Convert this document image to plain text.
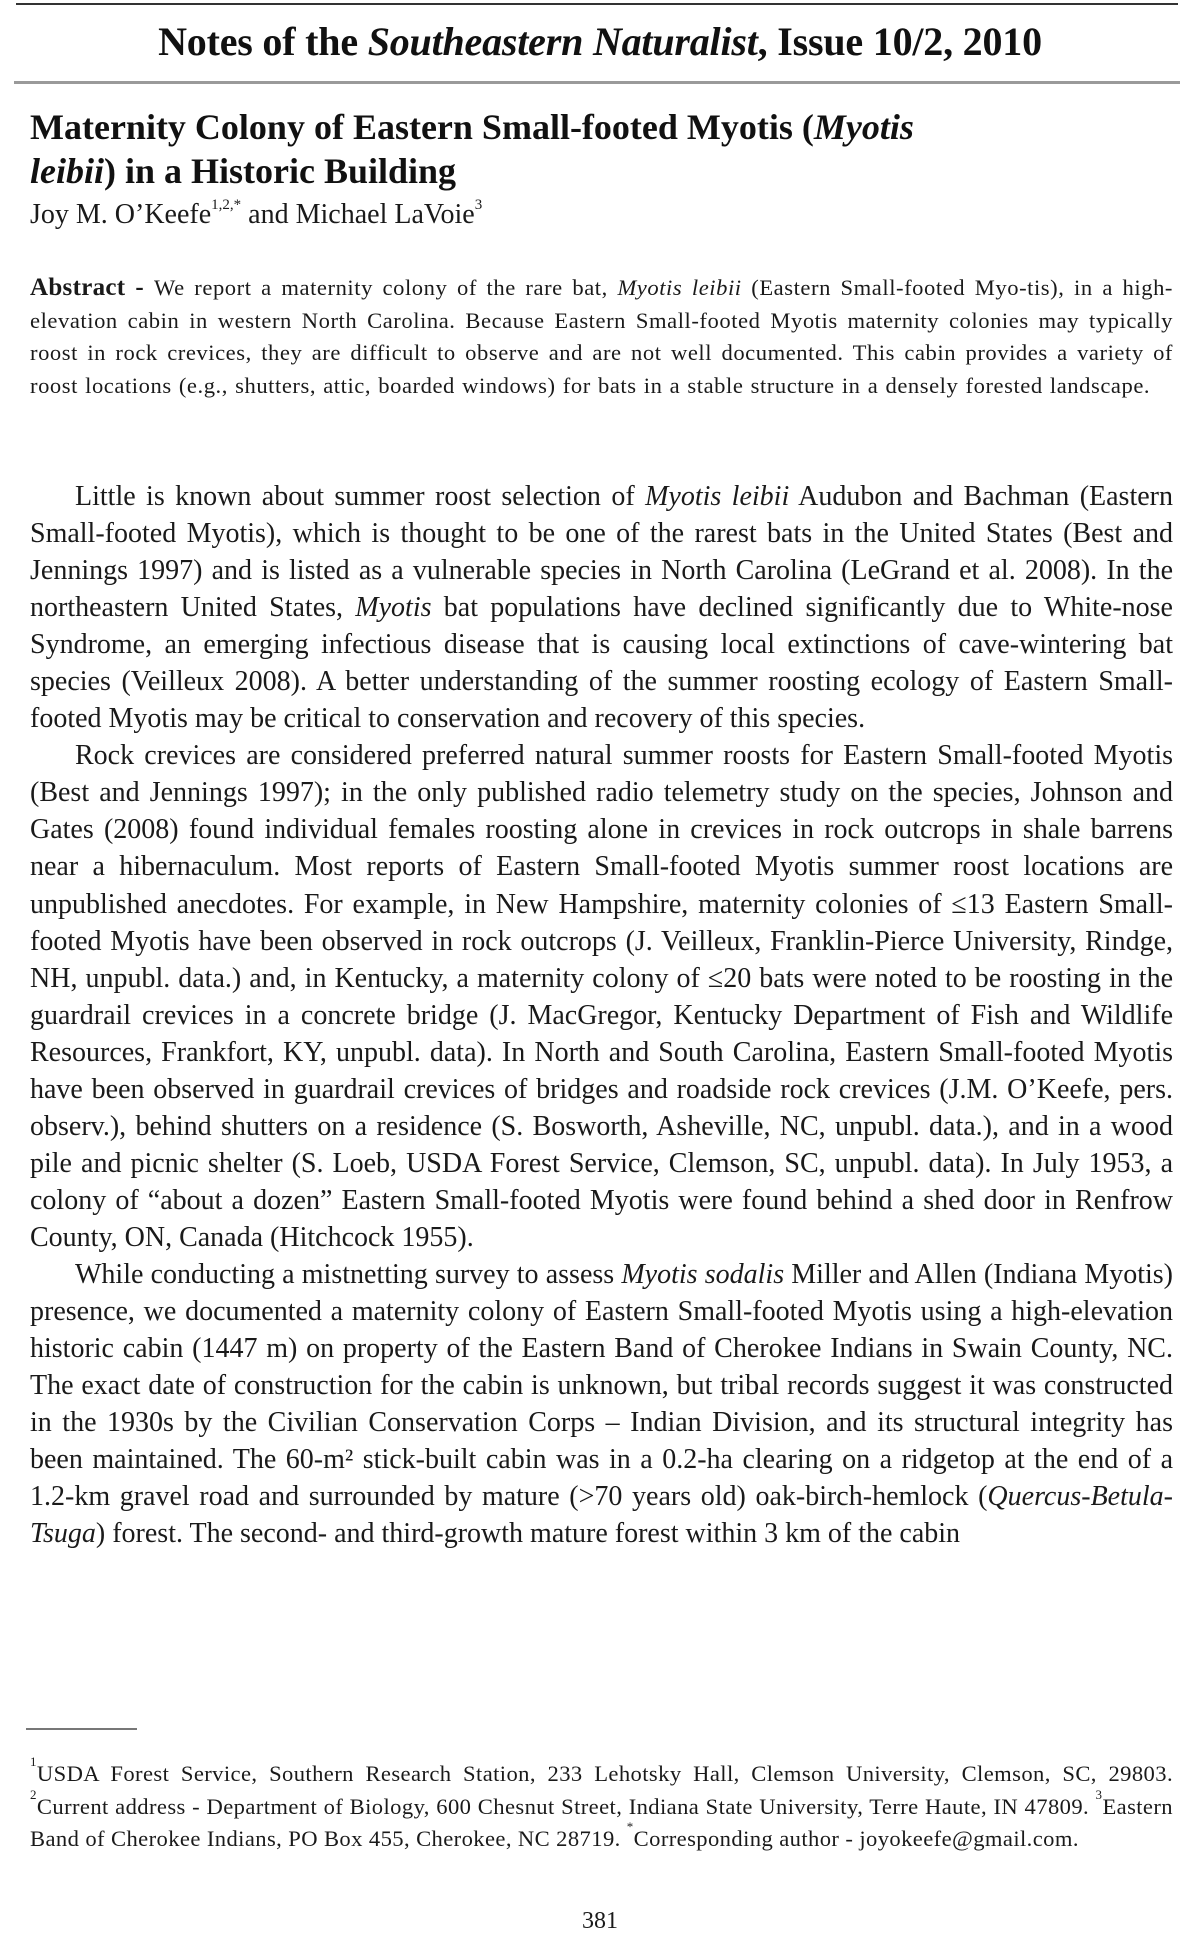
Notes of the Southeastern Naturalist, Issue 10/2, 2010
Maternity Colony of Eastern Small-footed Myotis (Myotis
leibii) in a Historic Building
Joy M. O’Keefe$^{1,2,*}$ and Michael LaVoie$^3$
Abstract - We report a maternity colony of the rare bat, Myotis leibii (Eastern Small-footed Myo-tis), in a high-elevation cabin in western North Carolina. Because Eastern Small-footed Myotis maternity colonies may typically roost in rock crevices, they are difficult to observe and are not well documented. This cabin provides a variety of roost locations (e.g., shutters, attic, boarded windows) for bats in a stable structure in a densely forested landscape.

Little is known about summer roost selection of Myotis leibii Audubon and Bachman (Eastern Small-footed Myotis), which is thought to be one of the rarest bats in the United States (Best and Jennings 1997) and is listed as a vulnerable species in North Carolina (LeGrand et al. 2008). In the northeastern United States, Myotis bat populations have declined significantly due to White-nose Syndrome, an emerging infectious disease that is causing local extinctions of cave-wintering bat species (Veilleux 2008). A better understanding of the summer roosting ecology of Eastern Small-footed Myotis may be critical to conservation and recovery of this species.

Rock crevices are considered preferred natural summer roosts for Eastern Small-footed Myotis (Best and Jennings 1997); in the only published radio telemetry study on the species, Johnson and Gates (2008) found individual females roosting alone in crevices in rock outcrops in shale barrens near a hibernaculum. Most reports of Eastern Small-footed Myotis summer roost locations are unpublished anecdotes. For example, in New Hampshire, maternity colonies of ≤13 Eastern Small-footed Myotis have been observed in rock outcrops (J. Veilleux, Franklin-Pierce University, Rindge, NH, unpubl. data.) and, in Kentucky, a maternity colony of ≤20 bats were noted to be roosting in the guardrail crevices in a concrete bridge (J. MacGregor, Kentucky Department of Fish and Wildlife Resources, Frankfort, KY, unpubl. data). In North and South Carolina, Eastern Small-footed Myotis have been observed in guardrail crevices of bridges and roadside rock crevices (J.M. O’Keefe, pers. observ.), behind shutters on a residence (S. Bosworth, Asheville, NC, unpubl. data.), and in a wood pile and picnic shelter (S. Loeb, USDA Forest Service, Clemson, SC, unpubl. data). In July 1953, a colony of “about a dozen” Eastern Small-footed Myotis were found behind a shed door in Renfrow County, ON, Canada (Hitchcock 1955).

While conducting a mistnetting survey to assess Myotis sodalis Miller and Allen (Indiana Myotis) presence, we documented a maternity colony of Eastern Small-footed Myotis using a high-elevation historic cabin (1447 m) on property of the Eastern Band of Cherokee Indians in Swain County, NC. The exact date of construction for the cabin is unknown, but tribal records suggest it was constructed in the 1930s by the Civilian Conservation Corps – Indian Division, and its structural integrity has been maintained. The 60-m² stick-built cabin was in a 0.2-ha clearing on a ridgetop at the end of a 1.2-km gravel road and surrounded by mature (>70 years old) oak-birch-hemlock (Quercus-Betula-Tsuga) forest. The second- and third-growth mature forest within 3 km of the cabin

$^1$USDA Forest Service, Southern Research Station, 233 Lehotsky Hall, Clemson University, Clemson, SC, 29803. $^2$Current address - Department of Biology, 600 Chesnut Street, Indiana State University, Terre Haute, IN 47809. $^3$Eastern Band of Cherokee Indians, PO Box 455, Cherokee, NC 28719. *Corresponding author - joyokeefe@gmail.com.
381
